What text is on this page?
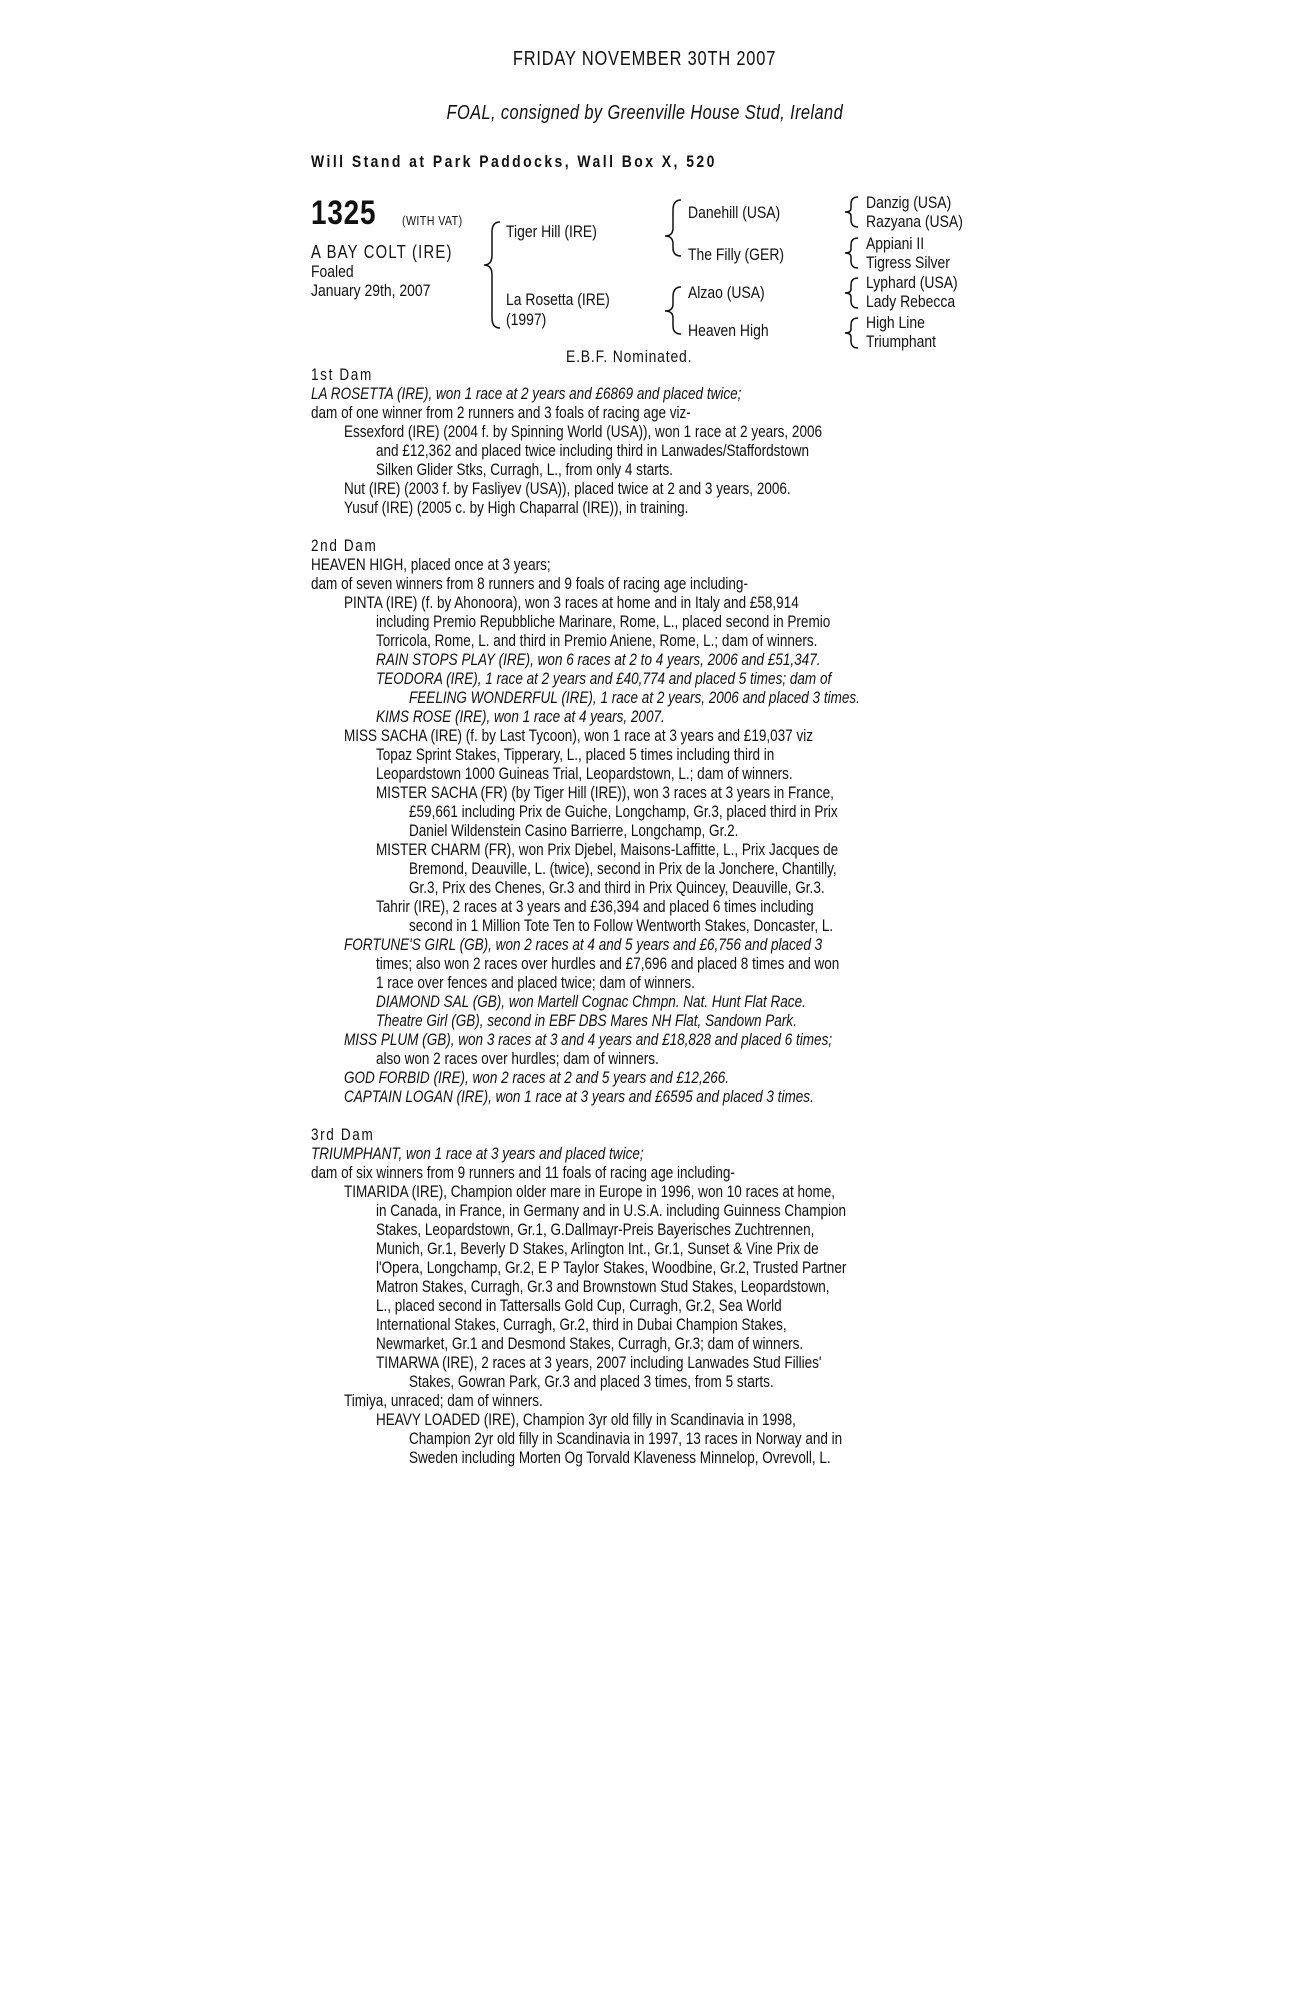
FRIDAY NOVEMBER 30TH 2007
FOAL, consigned by Greenville House Stud, Ireland
Will Stand at Park Paddocks, Wall Box X, 520
1325	(WITH VAT)
A BAY COLT (IRE)
Foaled
January 29th, 2007
Tiger Hill (IRE)
La Rosetta (IRE)
(1997)
Danehill (USA)
The Filly (GER)
Alzao (USA)
Heaven High
Danzig (USA)
Razyana (USA)
Appiani II
Tigress Silver
Lyphard (USA)
Lady Rebecca
High Line
Triumphant
E.B.F. Nominated.

1st Dam

LA ROSETTA (IRE), won 1 race at 2 years and £6869 and placed twice;

dam of one winner from 2 runners and 3 foals of racing age viz-

Essexford (IRE) (2004 f. by Spinning World (USA)), won 1 race at 2 years, 2006

and £12,362 and placed twice including third in Lanwades/Staffordstown

Silken Glider Stks, Curragh, L., from only 4 starts.

Nut (IRE) (2003 f. by Fasliyev (USA)), placed twice at 2 and 3 years, 2006.

Yusuf (IRE) (2005 c. by High Chaparral (IRE)), in training.

2nd Dam

HEAVEN HIGH, placed once at 3 years;

dam of seven winners from 8 runners and 9 foals of racing age including-

PINTA (IRE) (f. by Ahonoora), won 3 races at home and in Italy and £58,914

including Premio Repubbliche Marinare, Rome, L., placed second in Premio

Torricola, Rome, L. and third in Premio Aniene, Rome, L.; dam of winners.

RAIN STOPS PLAY (IRE), won 6 races at 2 to 4 years, 2006 and £51,347.

TEODORA (IRE), 1 race at 2 years and £40,774 and placed 5 times; dam of

FEELING WONDERFUL (IRE), 1 race at 2 years, 2006 and placed 3 times.

KIMS ROSE (IRE), won 1 race at 4 years, 2007.

MISS SACHA (IRE) (f. by Last Tycoon), won 1 race at 3 years and £19,037 viz

Topaz Sprint Stakes, Tipperary, L., placed 5 times including third in

Leopardstown 1000 Guineas Trial, Leopardstown, L.; dam of winners.

MISTER SACHA (FR) (by Tiger Hill (IRE)), won 3 races at 3 years in France,

£59,661 including Prix de Guiche, Longchamp, Gr.3, placed third in Prix

Daniel Wildenstein Casino Barrierre, Longchamp, Gr.2.

MISTER CHARM (FR), won Prix Djebel, Maisons-Laffitte, L., Prix Jacques de

Bremond, Deauville, L. (twice), second in Prix de la Jonchere, Chantilly,

Gr.3, Prix des Chenes, Gr.3 and third in Prix Quincey, Deauville, Gr.3.

Tahrir (IRE), 2 races at 3 years and £36,394 and placed 6 times including

second in 1 Million Tote Ten to Follow Wentworth Stakes, Doncaster, L.

FORTUNE'S GIRL (GB), won 2 races at 4 and 5 years and £6,756 and placed 3

times; also won 2 races over hurdles and £7,696 and placed 8 times and won

1 race over fences and placed twice; dam of winners.

DIAMOND SAL (GB), won Martell Cognac Chmpn. Nat. Hunt Flat Race.

Theatre Girl (GB), second in EBF DBS Mares NH Flat, Sandown Park.

MISS PLUM (GB), won 3 races at 3 and 4 years and £18,828 and placed 6 times;

also won 2 races over hurdles; dam of winners.

GOD FORBID (IRE), won 2 races at 2 and 5 years and £12,266.

CAPTAIN LOGAN (IRE), won 1 race at 3 years and £6595 and placed 3 times.

3rd Dam

TRIUMPHANT, won 1 race at 3 years and placed twice;

dam of six winners from 9 runners and 11 foals of racing age including-

TIMARIDA (IRE), Champion older mare in Europe in 1996, won 10 races at home,

in Canada, in France, in Germany and in U.S.A. including Guinness Champion

Stakes, Leopardstown, Gr.1, G.Dallmayr-Preis Bayerisches Zuchtrennen,

Munich, Gr.1, Beverly D Stakes, Arlington Int., Gr.1, Sunset & Vine Prix de

l'Opera, Longchamp, Gr.2, E P Taylor Stakes, Woodbine, Gr.2, Trusted Partner

Matron Stakes, Curragh, Gr.3 and Brownstown Stud Stakes, Leopardstown,

L., placed second in Tattersalls Gold Cup, Curragh, Gr.2, Sea World

International Stakes, Curragh, Gr.2, third in Dubai Champion Stakes,

Newmarket, Gr.1 and Desmond Stakes, Curragh, Gr.3; dam of winners.

TIMARWA (IRE), 2 races at 3 years, 2007 including Lanwades Stud Fillies'

Stakes, Gowran Park, Gr.3 and placed 3 times, from 5 starts.

Timiya, unraced; dam of winners.

HEAVY LOADED (IRE), Champion 3yr old filly in Scandinavia in 1998,

Champion 2yr old filly in Scandinavia in 1997, 13 races in Norway and in

Sweden including Morten Og Torvald Klaveness Minnelop, Ovrevoll, L.
